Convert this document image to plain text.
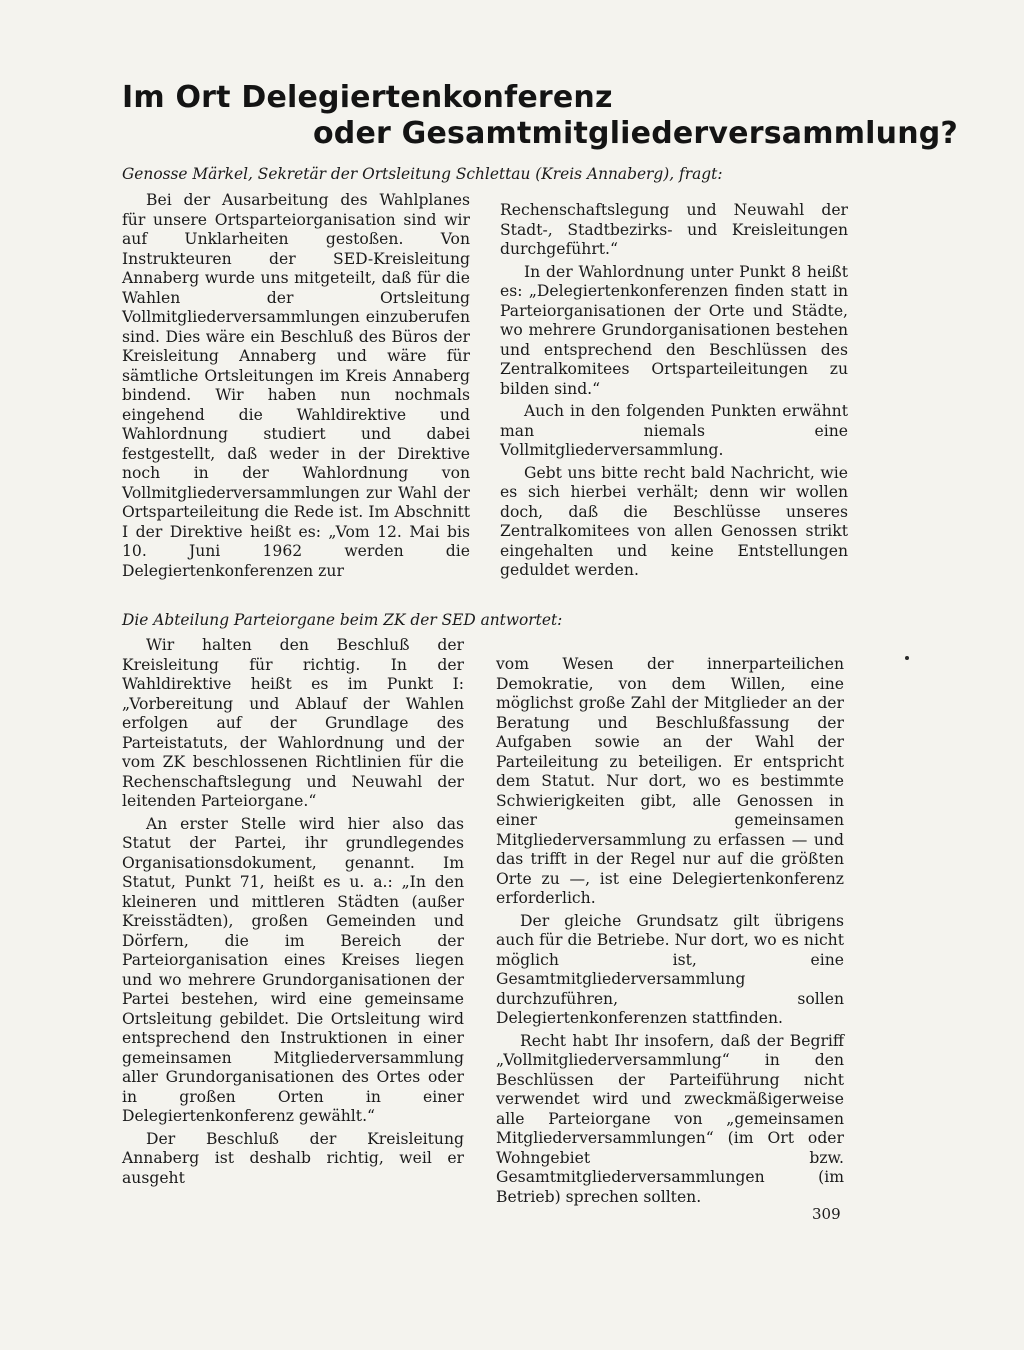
Im Ort Delegiertenkonferenz
oder Gesamtmitgliederversammlung?

Genosse Märkel, Sekretär der Ortsleitung Schlettau (Kreis Annaberg), fragt:

Bei der Ausarbeitung des Wahlplanes für unsere Ortsparteiorganisation sind wir auf Unklarheiten gestoßen. Von Instrukteuren der SED-Kreisleitung Annaberg wurde uns mitgeteilt, daß für die Wahlen der Ortsleitung Vollmitgliederversammlungen einzuberufen sind. Dies wäre ein Beschluß des Büros der Kreisleitung Annaberg und wäre für sämtliche Ortsleitungen im Kreis Annaberg bindend. Wir haben nun nochmals eingehend die Wahldirektive und Wahlordnung studiert und dabei festgestellt, daß weder in der Direktive noch in der Wahlordnung von Vollmitgliederversammlungen zur Wahl der Ortsparteileitung die Rede ist. Im Abschnitt I der Direktive heißt es: „Vom 12. Mai bis 10. Juni 1962 werden die Delegiertenkonferenzen zur

Rechenschaftslegung und Neuwahl der Stadt-, Stadtbezirks- und Kreisleitungen durchgeführt.“

In der Wahlordnung unter Punkt 8 heißt es: „Delegiertenkonferenzen finden statt in Parteiorganisationen der Orte und Städte, wo mehrere Grundorganisationen bestehen und entsprechend den Beschlüssen des Zentralkomitees Ortsparteileitungen zu bilden sind.“

Auch in den folgenden Punkten erwähnt man niemals eine Vollmitgliederversammlung.

Gebt uns bitte recht bald Nachricht, wie es sich hierbei verhält; denn wir wollen doch, daß die Beschlüsse unseres Zentralkomitees von allen Genossen strikt eingehalten und keine Entstellungen geduldet werden.

Die Abteilung Parteiorgane beim ZK der SED antwortet:

Wir halten den Beschluß der Kreisleitung für richtig. In der Wahldirektive heißt es im Punkt I: „Vorbereitung und Ablauf der Wahlen erfolgen auf der Grundlage des Parteistatuts, der Wahlordnung und der vom ZK beschlossenen Richtlinien für die Rechenschaftslegung und Neuwahl der leitenden Parteiorgane.“

An erster Stelle wird hier also das Statut der Partei, ihr grundlegendes Organisationsdokument, genannt. Im Statut, Punkt 71, heißt es u. a.: „In den kleineren und mittleren Städten (außer Kreisstädten), großen Gemeinden und Dörfern, die im Bereich der Parteiorganisation eines Kreises liegen und wo mehrere Grundorganisationen der Partei bestehen, wird eine gemeinsame Ortsleitung gebildet. Die Ortsleitung wird entsprechend den Instruktionen in einer gemeinsamen Mitgliederversammlung aller Grundorganisationen des Ortes oder in großen Orten in einer Delegiertenkonferenz gewählt.“

Der Beschluß der Kreisleitung Annaberg ist deshalb richtig, weil er ausgeht

vom Wesen der innerparteilichen Demokratie, von dem Willen, eine möglichst große Zahl der Mitglieder an der Beratung und Beschlußfassung der Aufgaben sowie an der Wahl der Parteileitung zu beteiligen. Er entspricht dem Statut. Nur dort, wo es bestimmte Schwierigkeiten gibt, alle Genossen in einer gemeinsamen Mitgliederversammlung zu erfassen — und das trifft in der Regel nur auf die größten Orte zu —, ist eine Delegiertenkonferenz erforderlich.

Der gleiche Grundsatz gilt übrigens auch für die Betriebe. Nur dort, wo es nicht möglich ist, eine Gesamtmitgliederversammlung durchzuführen, sollen Delegiertenkonferenzen stattfinden.

Recht habt Ihr insofern, daß der Begriff „Vollmitgliederversammlung“ in den Beschlüssen der Parteiführung nicht verwendet wird und zweckmäßigerweise alle Parteiorgane von „gemeinsamen Mitgliederversammlungen“ (im Ort oder Wohngebiet bzw. Gesamtmitgliederversammlungen (im Betrieb) sprechen sollten.

309
